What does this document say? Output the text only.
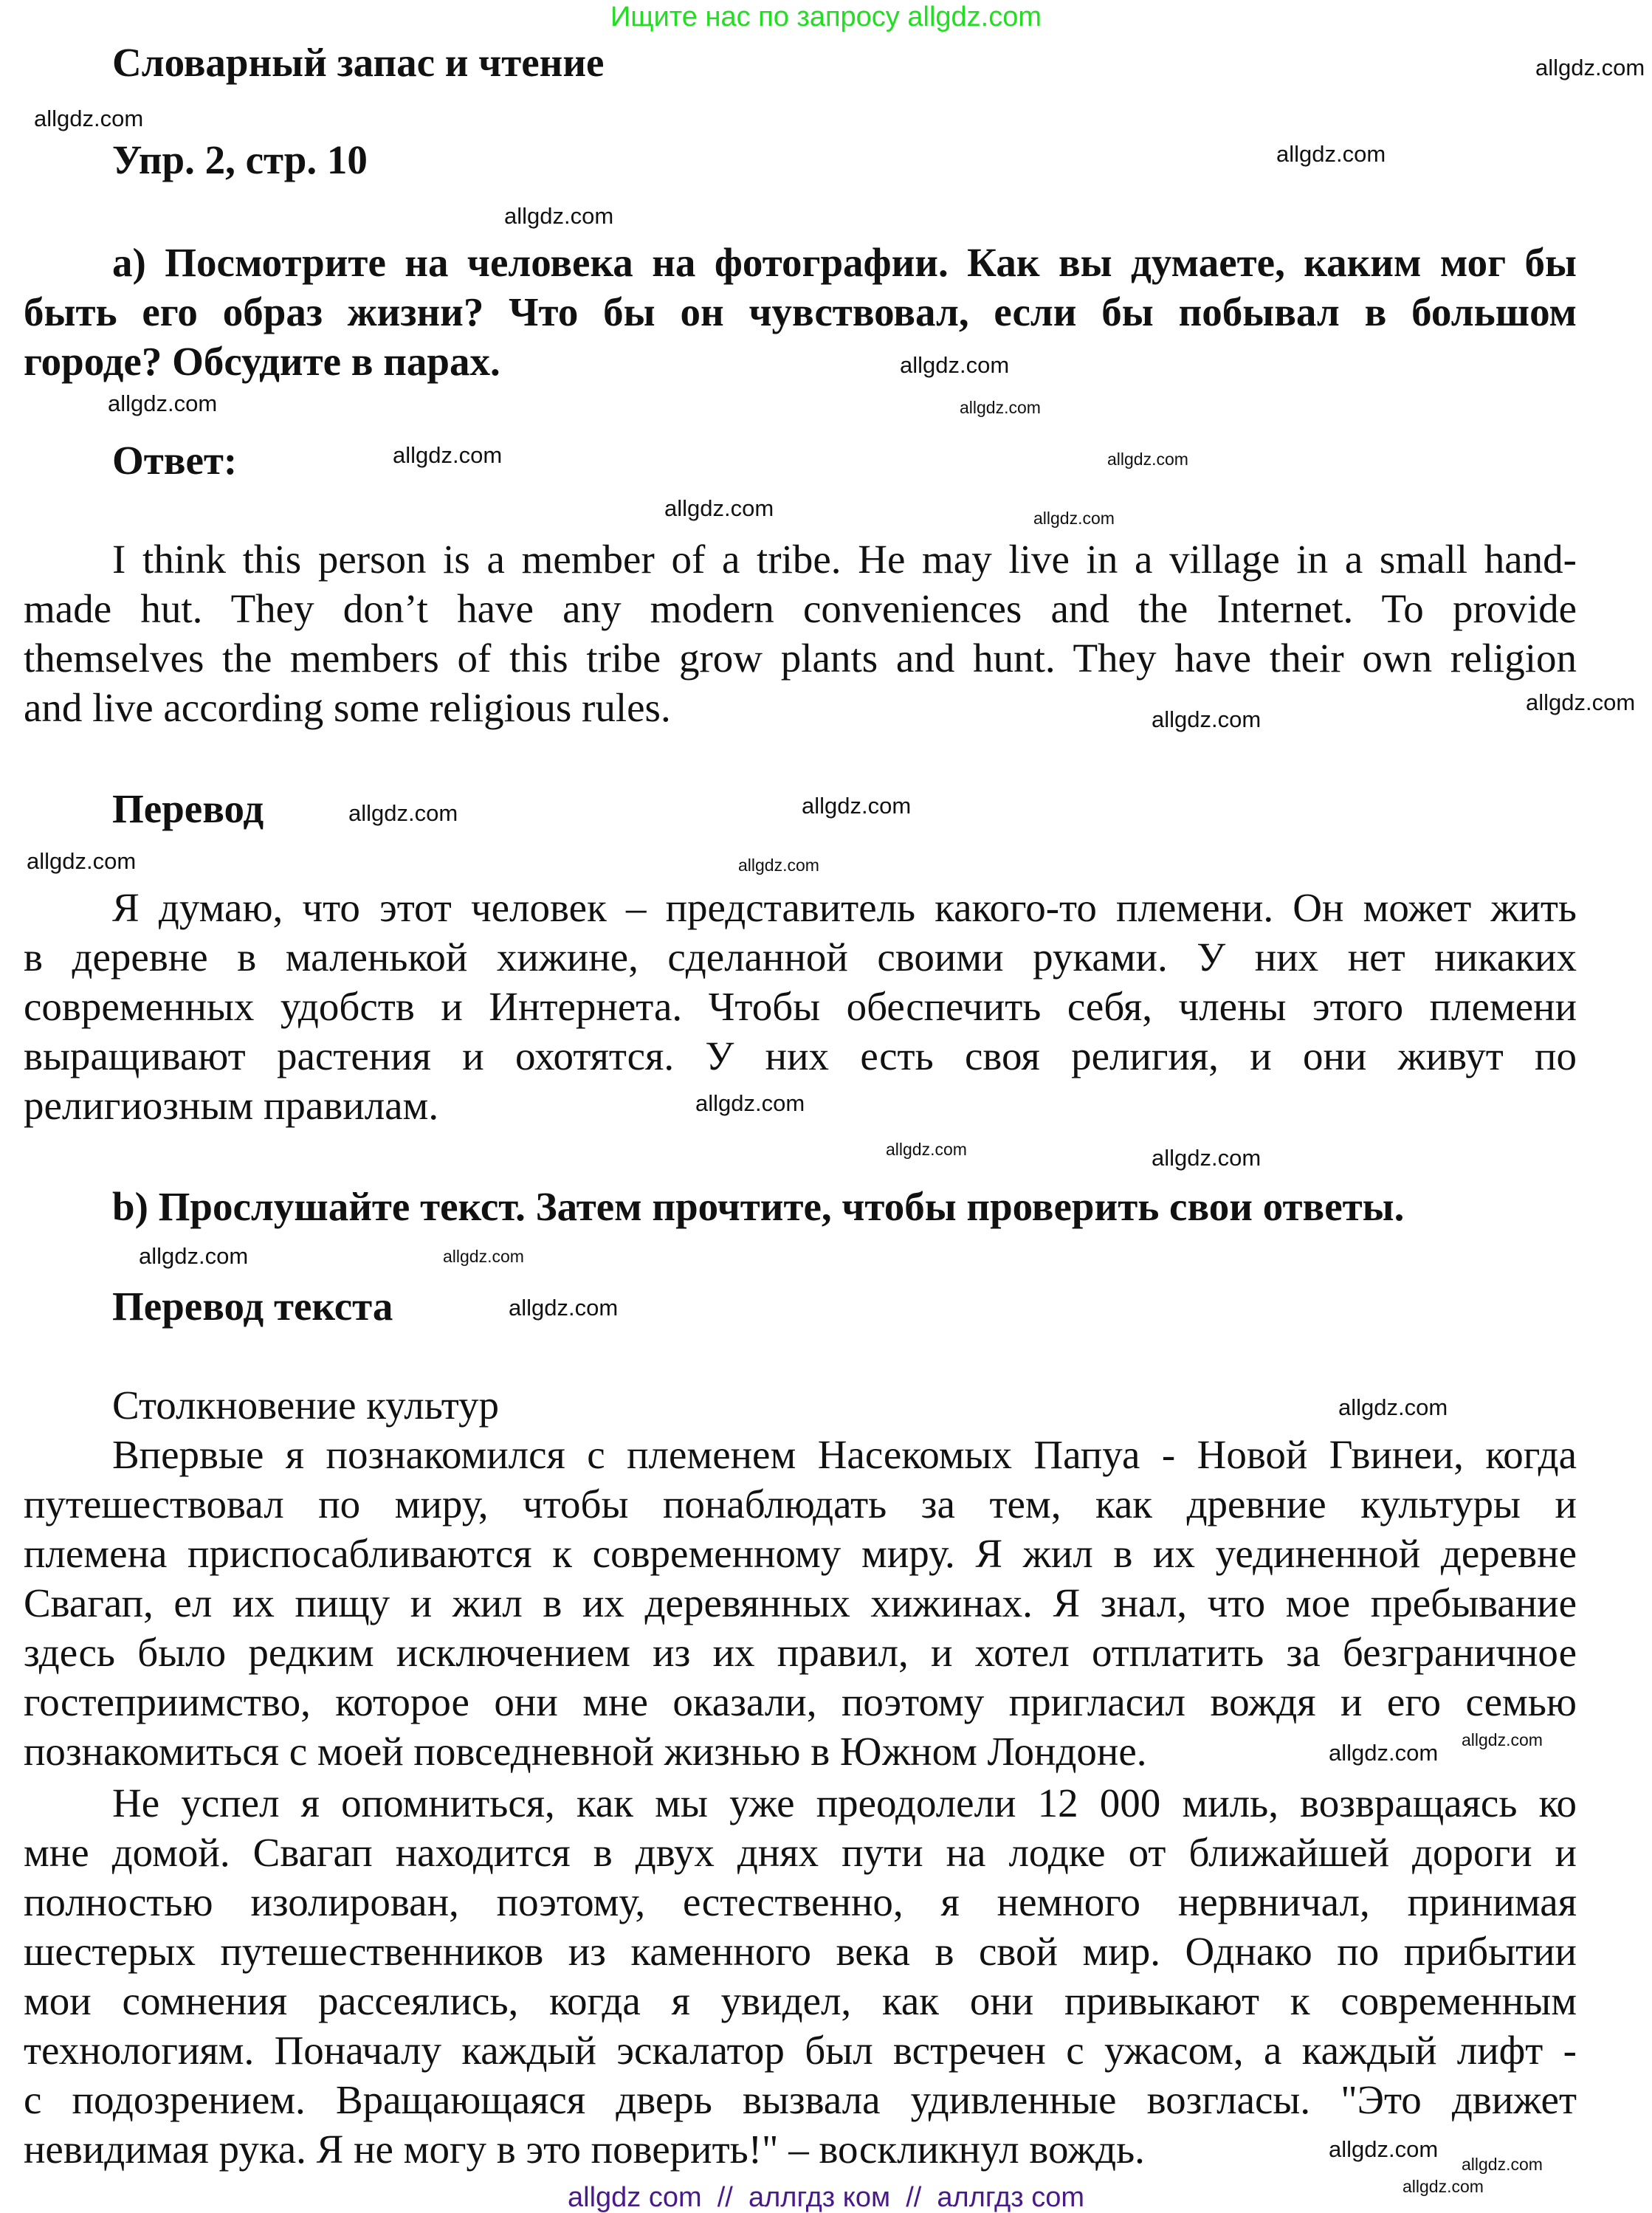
Ищите нас по запросу allgdz.com
Словарный запас и чтение
Упр. 2, стр. 10
а) Посмотрите на человека на фотографии. Как вы думаете, каким мог бы
быть его образ жизни? Что бы он чувствовал, если бы побывал в большом
городе? Обсудите в парах.
Ответ:
I think this person is a member of a tribe. He may live in a village in a small hand-
made hut. They don’t have any modern conveniences and the Internet. To provide
themselves the members of this tribe grow plants and hunt. They have their own religion
and live according some religious rules.
Перевод
Я думаю, что этот человек – представитель какого-то племени. Он может жить
в деревне в маленькой хижине, сделанной своими руками. У них нет никаких
современных удобств и Интернета. Чтобы обеспечить себя, члены этого племени
выращивают растения и охотятся. У них есть своя религия, и они живут по
религиозным правилам.
b) Прослушайте текст. Затем прочтите, чтобы проверить свои ответы.
Перевод текста
Столкновение культур
Впервые я познакомился с племенем Насекомых Папуа - Новой Гвинеи, когда
путешествовал по миру, чтобы понаблюдать за тем, как древние культуры и
племена приспосабливаются к современному миру. Я жил в их уединенной деревне
Свагап, ел их пищу и жил в их деревянных хижинах. Я знал, что мое пребывание
здесь было редким исключением из их правил, и хотел отплатить за безграничное
гостеприимство, которое они мне оказали, поэтому пригласил вождя и его семью
познакомиться с моей повседневной жизнью в Южном Лондоне.
Не успел я опомниться, как мы уже преодолели 12 000 миль, возвращаясь ко
мне домой. Свагап находится в двух днях пути на лодке от ближайшей дороги и
полностью изолирован, поэтому, естественно, я немного нервничал, принимая
шестерых путешественников из каменного века в свой мир. Однако по прибытии
мои сомнения рассеялись, когда я увидел, как они привыкают к современным
технологиям. Поначалу каждый эскалатор был встречен с ужасом, а каждый лифт -
с подозрением. Вращающаяся дверь вызвала удивленные возгласы. "Это движет
невидимая рука. Я не могу в это поверить!" – воскликнул вождь.
allgdz.com
allgdz.com
allgdz.com
allgdz.com
allgdz.com
allgdz.com
allgdz.com
allgdz.com
allgdz.com
allgdz.com
allgdz.com
allgdz.com
allgdz.com
allgdz.com
allgdz.com
allgdz.com
allgdz.com
allgdz.com
allgdz.com
allgdz.com
allgdz.com
allgdz.com
allgdz.com
allgdz.com
allgdz.com
allgdz.com
allgdz.com
allgdz.com
allgdz.com
allgdz com  //  аллгдз ком  //  аллгдз com
